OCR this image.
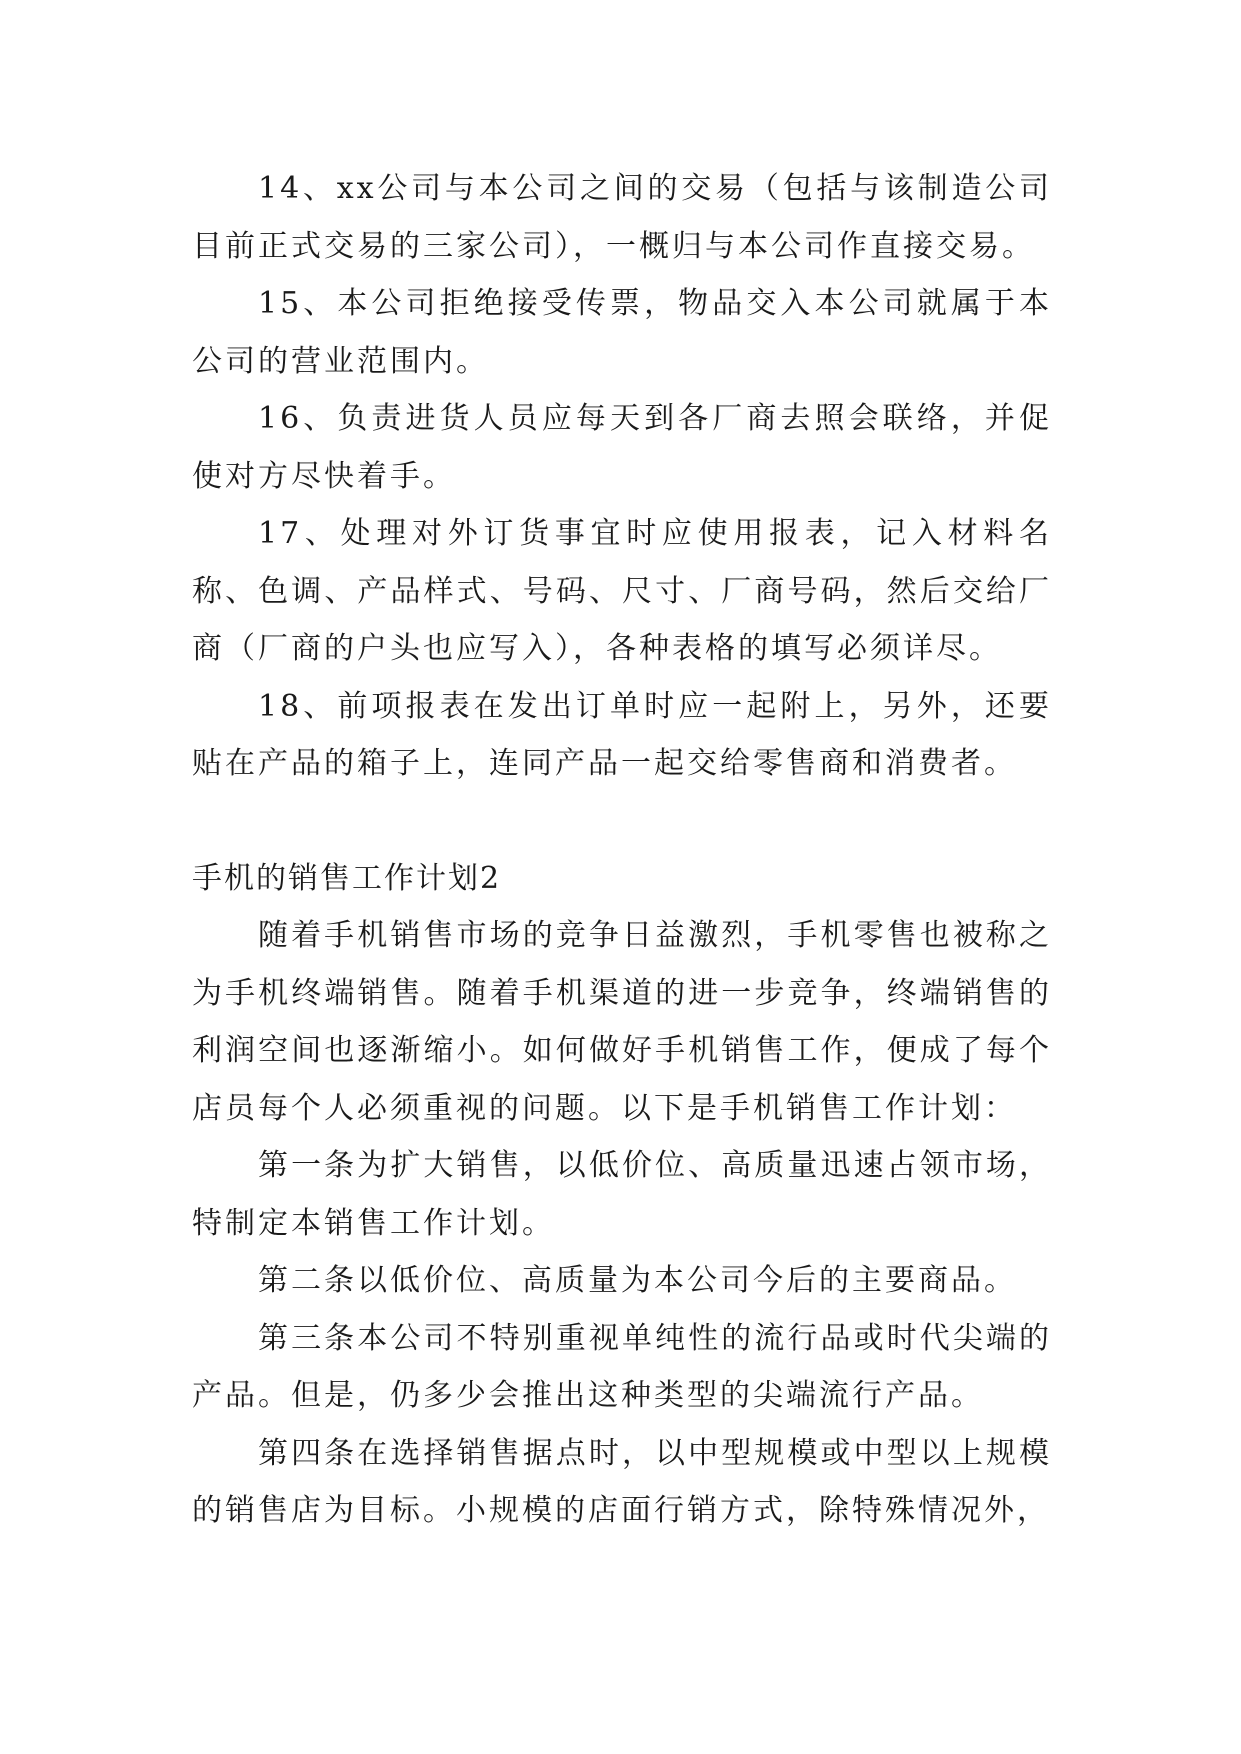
14、xx公司与本公司之间的交易（包括与该制造公司目前正式交易的三家公司），一概归与本公司作直接交易。

15、本公司拒绝接受传票，物品交入本公司就属于本公司的营业范围内。

16、负责进货人员应每天到各厂商去照会联络，并促使对方尽快着手。

17、处理对外订货事宜时应使用报表，记入材料名称、色调、产品样式、号码、尺寸、厂商号码，然后交给厂商（厂商的户头也应写入），各种表格的填写必须详尽。

18、前项报表在发出订单时应一起附上，另外，还要贴在产品的箱子上，连同产品一起交给零售商和消费者。

手机的销售工作计划2

随着手机销售市场的竞争日益激烈，手机零售也被称之为手机终端销售。随着手机渠道的进一步竞争，终端销售的利润空间也逐渐缩小。如何做好手机销售工作，便成了每个店员每个人必须重视的问题。以下是手机销售工作计划：

第一条为扩大销售，以低价位、高质量迅速占领市场，特制定本销售工作计划。

第二条以低价位、高质量为本公司今后的主要商品。

第三条本公司不特别重视单纯性的流行品或时代尖端的产品。但是，仍多少会推出这种类型的尖端流行产品。

第四条在选择销售据点时，以中型规模或中型以上规模的销售店为目标。小规模的店面行销方式，除特殊情况外，
